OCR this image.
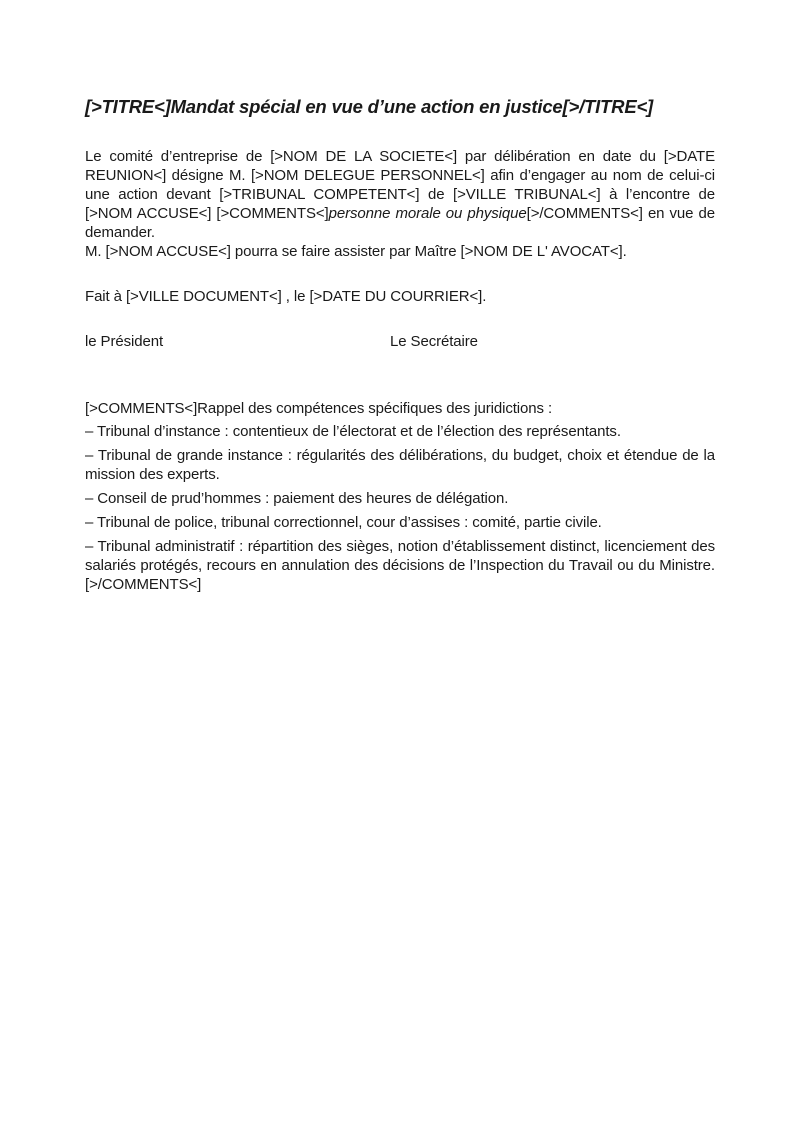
[>TITRE<]Mandat spécial en vue d’une action en justice[>/TITRE<]

Le comité d’entreprise de [>NOM DE LA SOCIETE<] par délibération en date du [>DATE REUNION<] désigne M. [>NOM DELEGUE PERSONNEL<] afin d’engager au nom de celui-ci une action devant [>TRIBUNAL COMPETENT<] de [>VILLE TRIBUNAL<] à l’encontre de [>NOM ACCUSE<] [>COMMENTS<]personne morale ou physique[>/COMMENTS<] en vue de demander.

M. [>NOM ACCUSE<] pourra se faire assister par Maître [>NOM DE L' AVOCAT<].

Fait à [>VILLE DOCUMENT<] , le [>DATE DU COURRIER<].

le Président	Le Secrétaire

[>COMMENTS<]Rappel des compétences spécifiques des juridictions :

– Tribunal d’instance : contentieux de l’électorat et de l’élection des représentants.

– Tribunal de grande instance : régularités des délibérations, du budget, choix et étendue de la mission des experts.

– Conseil de prud’hommes : paiement des heures de délégation.

– Tribunal de police, tribunal correctionnel, cour d’assises : comité, partie civile.

– Tribunal administratif : répartition des sièges, notion d’établissement distinct, licenciement des salariés protégés, recours en annulation des décisions de l’Inspection du Travail ou du Ministre. [>/COMMENTS<]
